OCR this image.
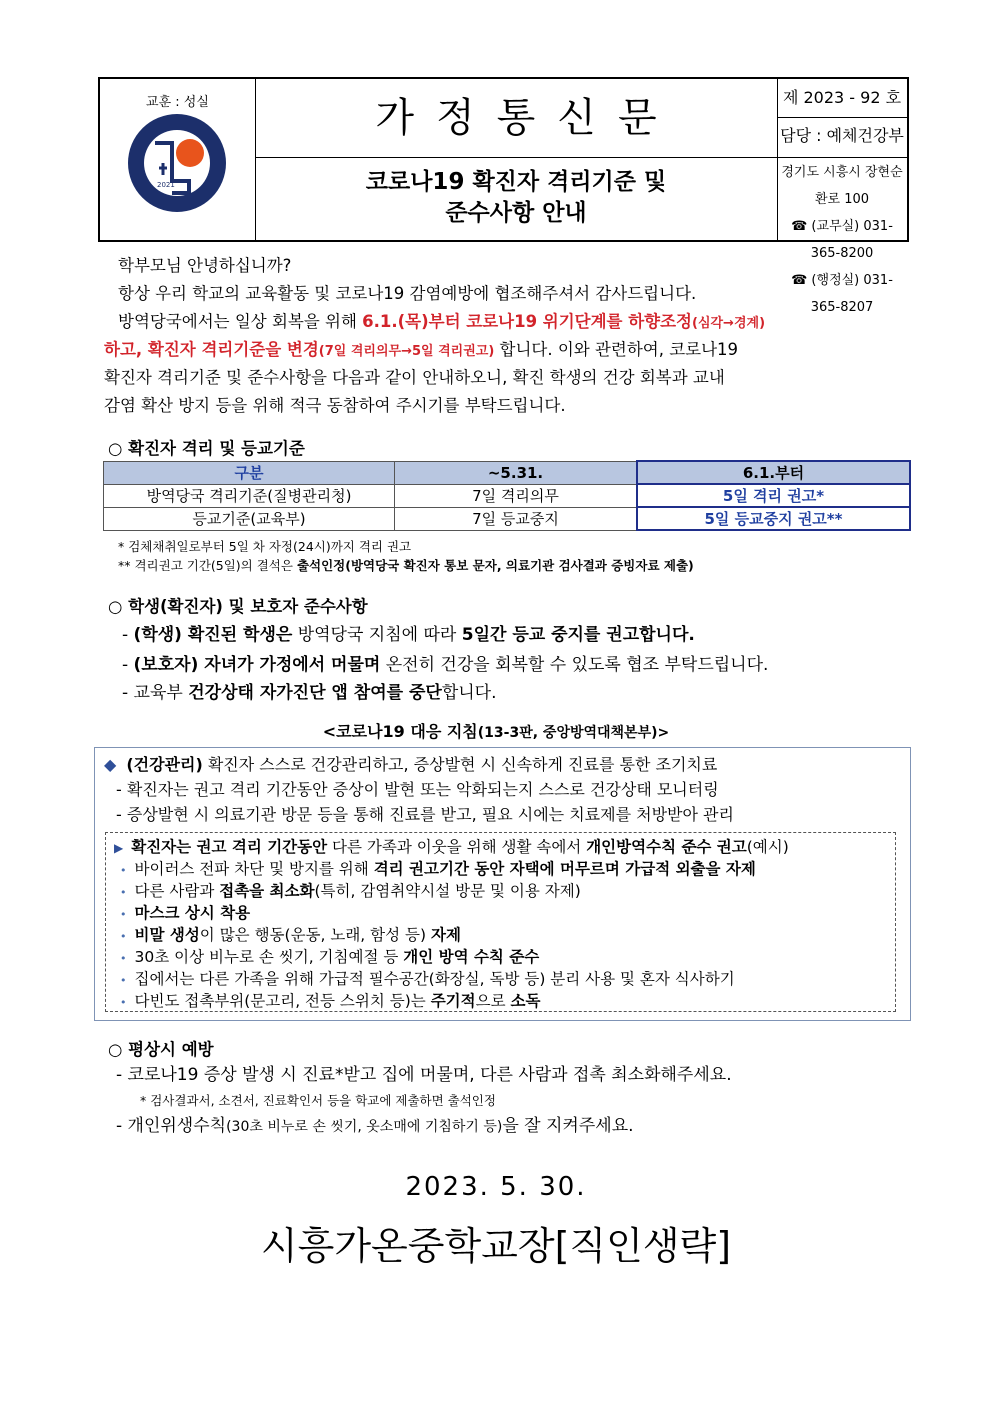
교훈 : 성실
2021
가정통신문
코로나19 확진자 격리기준 및
준수사항 안내
제 2023 - 92 호
담당 : 예체건강부
경기도 시흥시 장현순환로 100
☎ (교무실) 031-365-8200
☎ (행정실) 031-365-8207

학부모님 안녕하십니까?

항상 우리 학교의 교육활동 및 코로나19 감염예방에 협조해주셔서 감사드립니다.

방역당국에서는 일상 회복을 위해 6.1.(목)부터 코로나19 위기단계를 하향조정(심각→경계)

하고, 확진자 격리기준을 변경(7일 격리의무→5일 격리권고) 합니다. 이와 관련하여, 코로나19

확진자 격리기준 및 준수사항을 다음과 같이 안내하오니, 확진 학생의 건강 회복과 교내

감염 확산 방지 등을 위해 적극 동참하여 주시기를 부탁드립니다.

○ 확진자 격리 및 등교기준

구분	~5.31.	6.1.부터
방역당국 격리기준(질병관리청)	7일 격리의무	5일 격리 권고*
등교기준(교육부)	7일 등교중지	5일 등교중지 권고**

* 검체채취일로부터 5일 차 자정(24시)까지 격리 권고

** 격리권고 기간(5일)의 결석은 출석인정(방역당국 확진자 통보 문자, 의료기관 검사결과 증빙자료 제출)

○ 학생(확진자) 및 보호자 준수사항

- (학생) 확진된 학생은 방역당국 지침에 따라 5일간 등교 중지를 권고합니다.

- (보호자) 자녀가 가정에서 머물며 온전히 건강을 회복할 수 있도록 협조 부탁드립니다.

- 교육부 건강상태 자가진단 앱 참여를 중단합니다.

<코로나19 대응 지침(13-3판, 중앙방역대책본부)>

◆ (건강관리) 확진자 스스로 건강관리하고, 증상발현 시 신속하게 진료를 통한 조기치료

- 확진자는 권고 격리 기간동안 증상이 발현 또는 악화되는지 스스로 건강상태 모니터링

- 증상발현 시 의료기관 방문 등을 통해 진료를 받고, 필요 시에는 치료제를 처방받아 관리

▶ 확진자는 권고 격리 기간동안 다른 가족과 이웃을 위해 생활 속에서 개인방역수칙 준수 권고(예시)

• 바이러스 전파 차단 및 방지를 위해 격리 권고기간 동안 자택에 머무르며 가급적 외출을 자제

• 다른 사람과 접촉을 최소화(특히, 감염취약시설 방문 및 이용 자제)

• 마스크 상시 착용

• 비말 생성이 많은 행동(운동, 노래, 함성 등) 자제

• 30초 이상 비누로 손 씻기, 기침예절 등 개인 방역 수칙 준수

• 집에서는 다른 가족을 위해 가급적 필수공간(화장실, 독방 등) 분리 사용 및 혼자 식사하기

• 다빈도 접촉부위(문고리, 전등 스위치 등)는 주기적으로 소독

○ 평상시 예방

- 코로나19 증상 발생 시 진료*받고 집에 머물며, 다른 사람과 접촉 최소화해주세요.

* 검사결과서, 소견서, 진료확인서 등을 학교에 제출하면 출석인정

- 개인위생수칙(30초 비누로 손 씻기, 옷소매에 기침하기 등)을 잘 지켜주세요.

2023. 5. 30.
시흥가온중학교장[직인생략]
